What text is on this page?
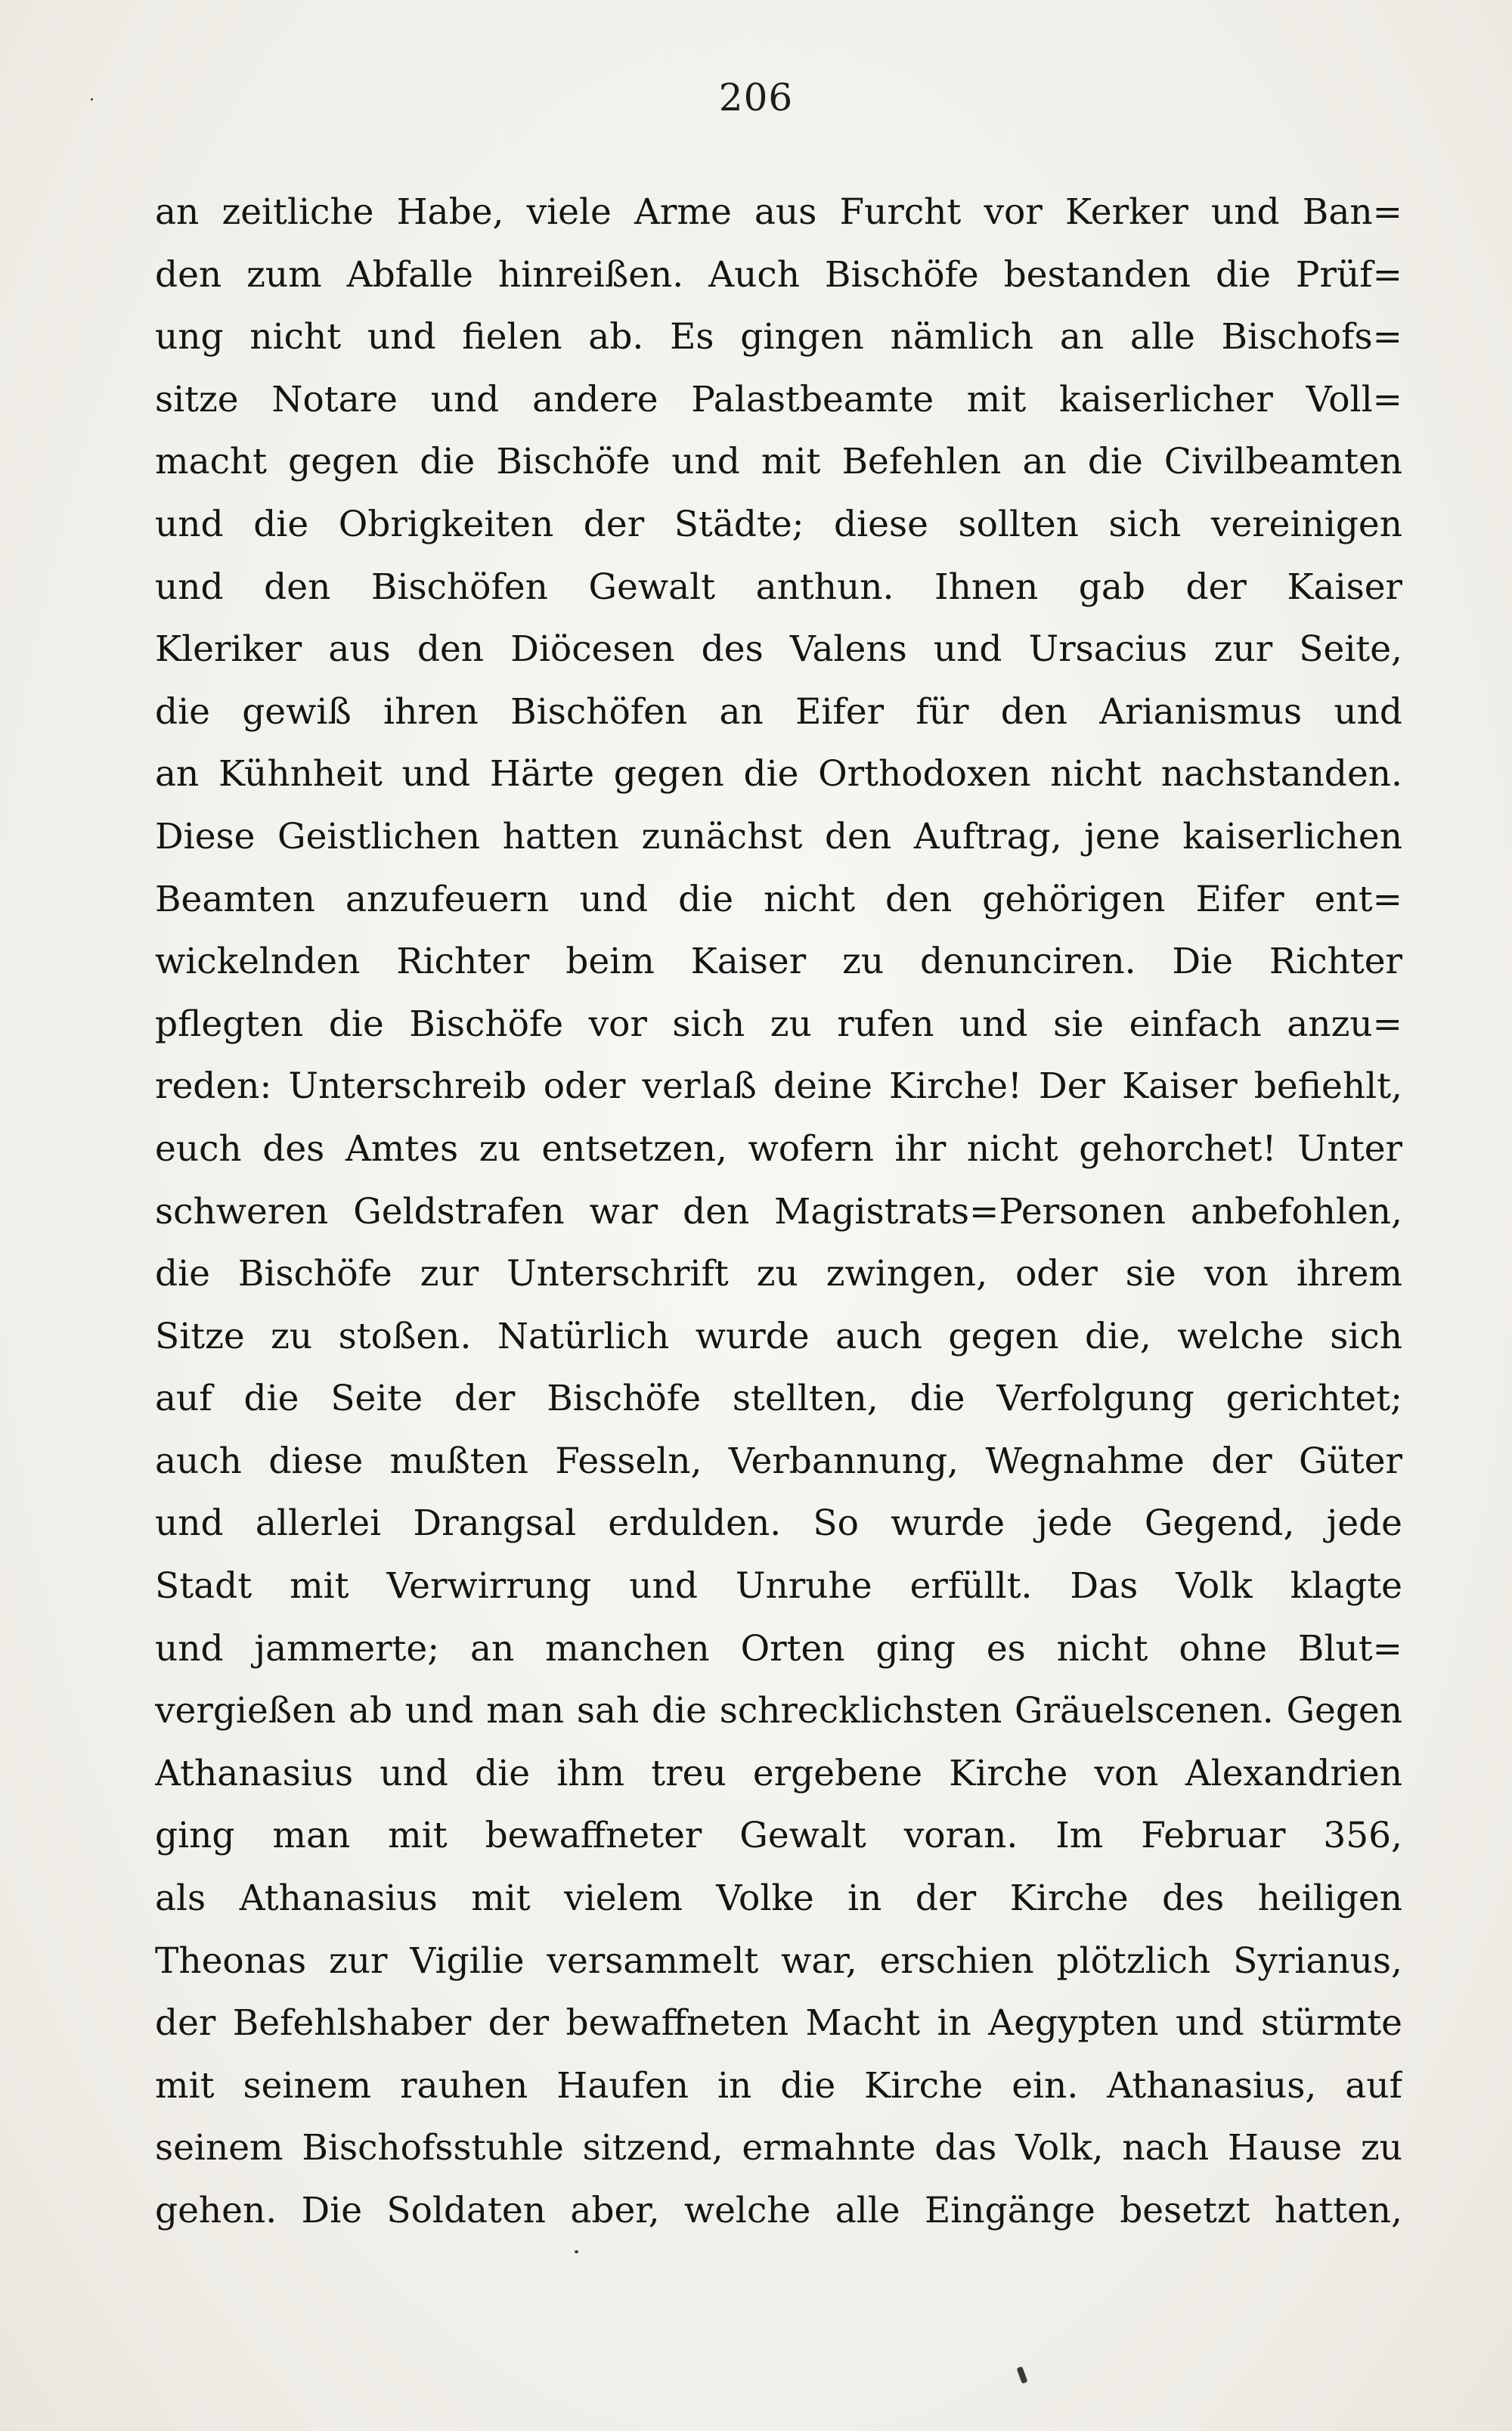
206
an zeitliche Habe, viele Arme aus Furcht vor Kerker und Ban=
den zum Abfalle hinreißen. Auch Bischöfe bestanden die Prüf=
ung nicht und fielen ab. Es gingen nämlich an alle Bischofs=
sitze Notare und andere Palastbeamte mit kaiserlicher Voll=
macht gegen die Bischöfe und mit Befehlen an die Civilbeamten
und die Obrigkeiten der Städte; diese sollten sich vereinigen
und den Bischöfen Gewalt anthun. Ihnen gab der Kaiser
Kleriker aus den Diöcesen des Valens und Ursacius zur Seite,
die gewiß ihren Bischöfen an Eifer für den Arianismus und
an Kühnheit und Härte gegen die Orthodoxen nicht nachstanden.
Diese Geistlichen hatten zunächst den Auftrag, jene kaiserlichen
Beamten anzufeuern und die nicht den gehörigen Eifer ent=
wickelnden Richter beim Kaiser zu denunciren. Die Richter
pflegten die Bischöfe vor sich zu rufen und sie einfach anzu=
reden: Unterschreib oder verlaß deine Kirche! Der Kaiser befiehlt,
euch des Amtes zu entsetzen, wofern ihr nicht gehorchet! Unter
schweren Geldstrafen war den Magistrats=Personen anbefohlen,
die Bischöfe zur Unterschrift zu zwingen, oder sie von ihrem
Sitze zu stoßen. Natürlich wurde auch gegen die, welche sich
auf die Seite der Bischöfe stellten, die Verfolgung gerichtet;
auch diese mußten Fesseln, Verbannung, Wegnahme der Güter
und allerlei Drangsal erdulden. So wurde jede Gegend, jede
Stadt mit Verwirrung und Unruhe erfüllt. Das Volk klagte
und jammerte; an manchen Orten ging es nicht ohne Blut=
vergießen ab und man sah die schrecklichsten Gräuelscenen. Gegen
Athanasius und die ihm treu ergebene Kirche von Alexandrien
ging man mit bewaffneter Gewalt voran. Im Februar 356,
als Athanasius mit vielem Volke in der Kirche des heiligen
Theonas zur Vigilie versammelt war, erschien plötzlich Syrianus,
der Befehlshaber der bewaffneten Macht in Aegypten und stürmte
mit seinem rauhen Haufen in die Kirche ein. Athanasius, auf
seinem Bischofsstuhle sitzend, ermahnte das Volk, nach Hause zu
gehen. Die Soldaten aber, welche alle Eingänge besetzt hatten,
